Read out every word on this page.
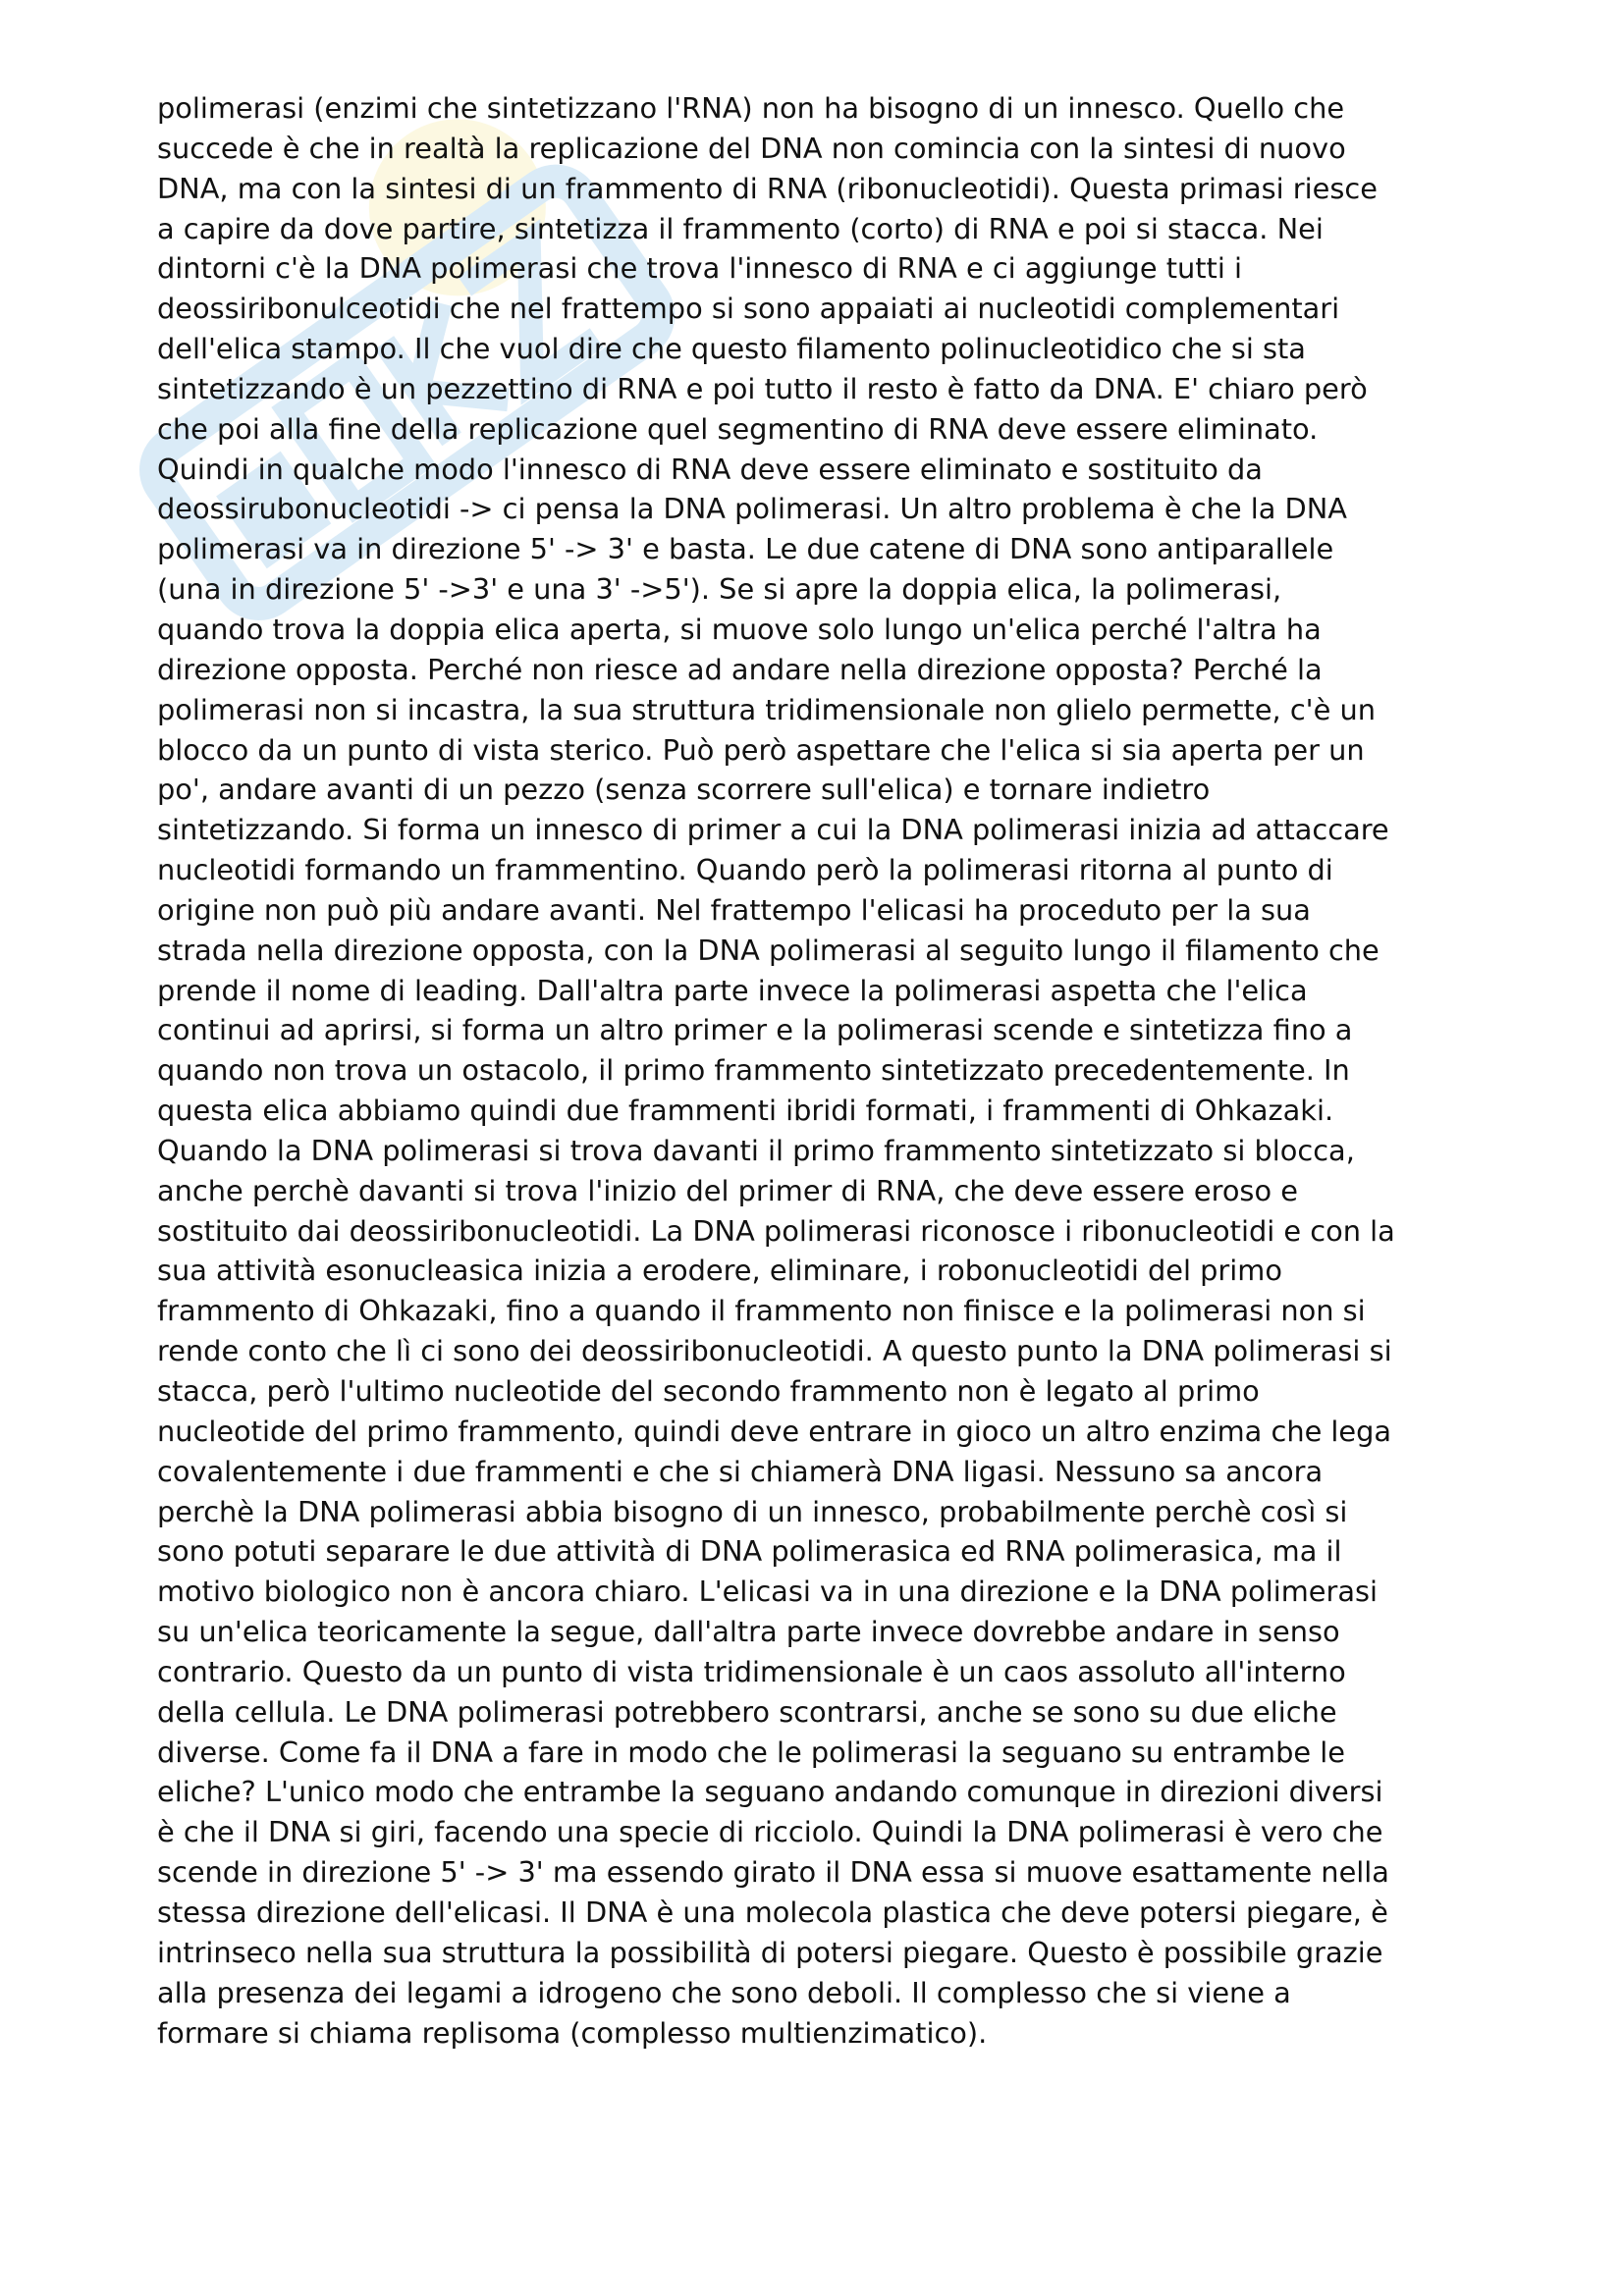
polimerasi (enzimi che sintetizzano l'RNA) non ha bisogno di un innesco. Quello che
succede è che in realtà la replicazione del DNA non comincia con la sintesi di nuovo
DNA, ma con la sintesi di un frammento di RNA (ribonucleotidi). Questa primasi riesce
a capire da dove partire, sintetizza il frammento (corto) di RNA e poi si stacca. Nei
dintorni c'è la DNA polimerasi che trova l'innesco di RNA e ci aggiunge tutti i
deossiribonulceotidi che nel frattempo si sono appaiati ai nucleotidi complementari
dell'elica stampo. Il che vuol dire che questo filamento polinucleotidico che si sta
sintetizzando è un pezzettino di RNA e poi tutto il resto è fatto da DNA. E' chiaro però
che poi alla fine della replicazione quel segmentino di RNA deve essere eliminato.
Quindi in qualche modo l'innesco di RNA deve essere eliminato e sostituito da
deossirubonucleotidi -> ci pensa la DNA polimerasi. Un altro problema è che la DNA
polimerasi va in direzione 5' -> 3' e basta. Le due catene di DNA sono antiparallele
(una in direzione 5' ->3' e una 3' ->5'). Se si apre la doppia elica, la polimerasi,
quando trova la doppia elica aperta, si muove solo lungo un'elica perché l'altra ha
direzione opposta. Perché non riesce ad andare nella direzione opposta? Perché la
polimerasi non si incastra, la sua struttura tridimensionale non glielo permette, c'è un
blocco da un punto di vista sterico. Può però aspettare che l'elica si sia aperta per un
po', andare avanti di un pezzo (senza scorrere sull'elica) e tornare indietro
sintetizzando. Si forma un innesco di primer a cui la DNA polimerasi inizia ad attaccare
nucleotidi formando un frammentino. Quando però la polimerasi ritorna al punto di
origine non può più andare avanti. Nel frattempo l'elicasi ha proceduto per la sua
strada nella direzione opposta, con la DNA polimerasi al seguito lungo il filamento che
prende il nome di leading. Dall'altra parte invece la polimerasi aspetta che l'elica
continui ad aprirsi, si forma un altro primer e la polimerasi scende e sintetizza fino a
quando non trova un ostacolo, il primo frammento sintetizzato precedentemente. In
questa elica abbiamo quindi due frammenti ibridi formati, i frammenti di Ohkazaki.
Quando la DNA polimerasi si trova davanti il primo frammento sintetizzato si blocca,
anche perchè davanti si trova l'inizio del primer di RNA, che deve essere eroso e
sostituito dai deossiribonucleotidi. La DNA polimerasi riconosce i ribonucleotidi e con la
sua attività esonucleasica inizia a erodere, eliminare, i robonucleotidi del primo
frammento di Ohkazaki, fino a quando il frammento non finisce e la polimerasi non si
rende conto che lì ci sono dei deossiribonucleotidi. A questo punto la DNA polimerasi si
stacca, però l'ultimo nucleotide del secondo frammento non è legato al primo
nucleotide del primo frammento, quindi deve entrare in gioco un altro enzima che lega
covalentemente i due frammenti e che si chiamerà DNA ligasi. Nessuno sa ancora
perchè la DNA polimerasi abbia bisogno di un innesco, probabilmente perchè così si
sono potuti separare le due attività di DNA polimerasica ed RNA polimerasica, ma il
motivo biologico non è ancora chiaro. L'elicasi va in una direzione e la DNA polimerasi
su un'elica teoricamente la segue, dall'altra parte invece dovrebbe andare in senso
contrario. Questo da un punto di vista tridimensionale è un caos assoluto all'interno
della cellula. Le DNA polimerasi potrebbero scontrarsi, anche se sono su due eliche
diverse. Come fa il DNA a fare in modo che le polimerasi la seguano su entrambe le
eliche? L'unico modo che entrambe la seguano andando comunque in direzioni diversi
è che il DNA si giri, facendo una specie di ricciolo. Quindi la DNA polimerasi è vero che
scende in direzione 5' -> 3' ma essendo girato il DNA essa si muove esattamente nella
stessa direzione dell'elicasi. Il DNA è una molecola plastica che deve potersi piegare, è
intrinseco nella sua struttura la possibilità di potersi piegare. Questo è possibile grazie
alla presenza dei legami a idrogeno che sono deboli. Il complesso che si viene a
formare si chiama replisoma (complesso multienzimatico).
